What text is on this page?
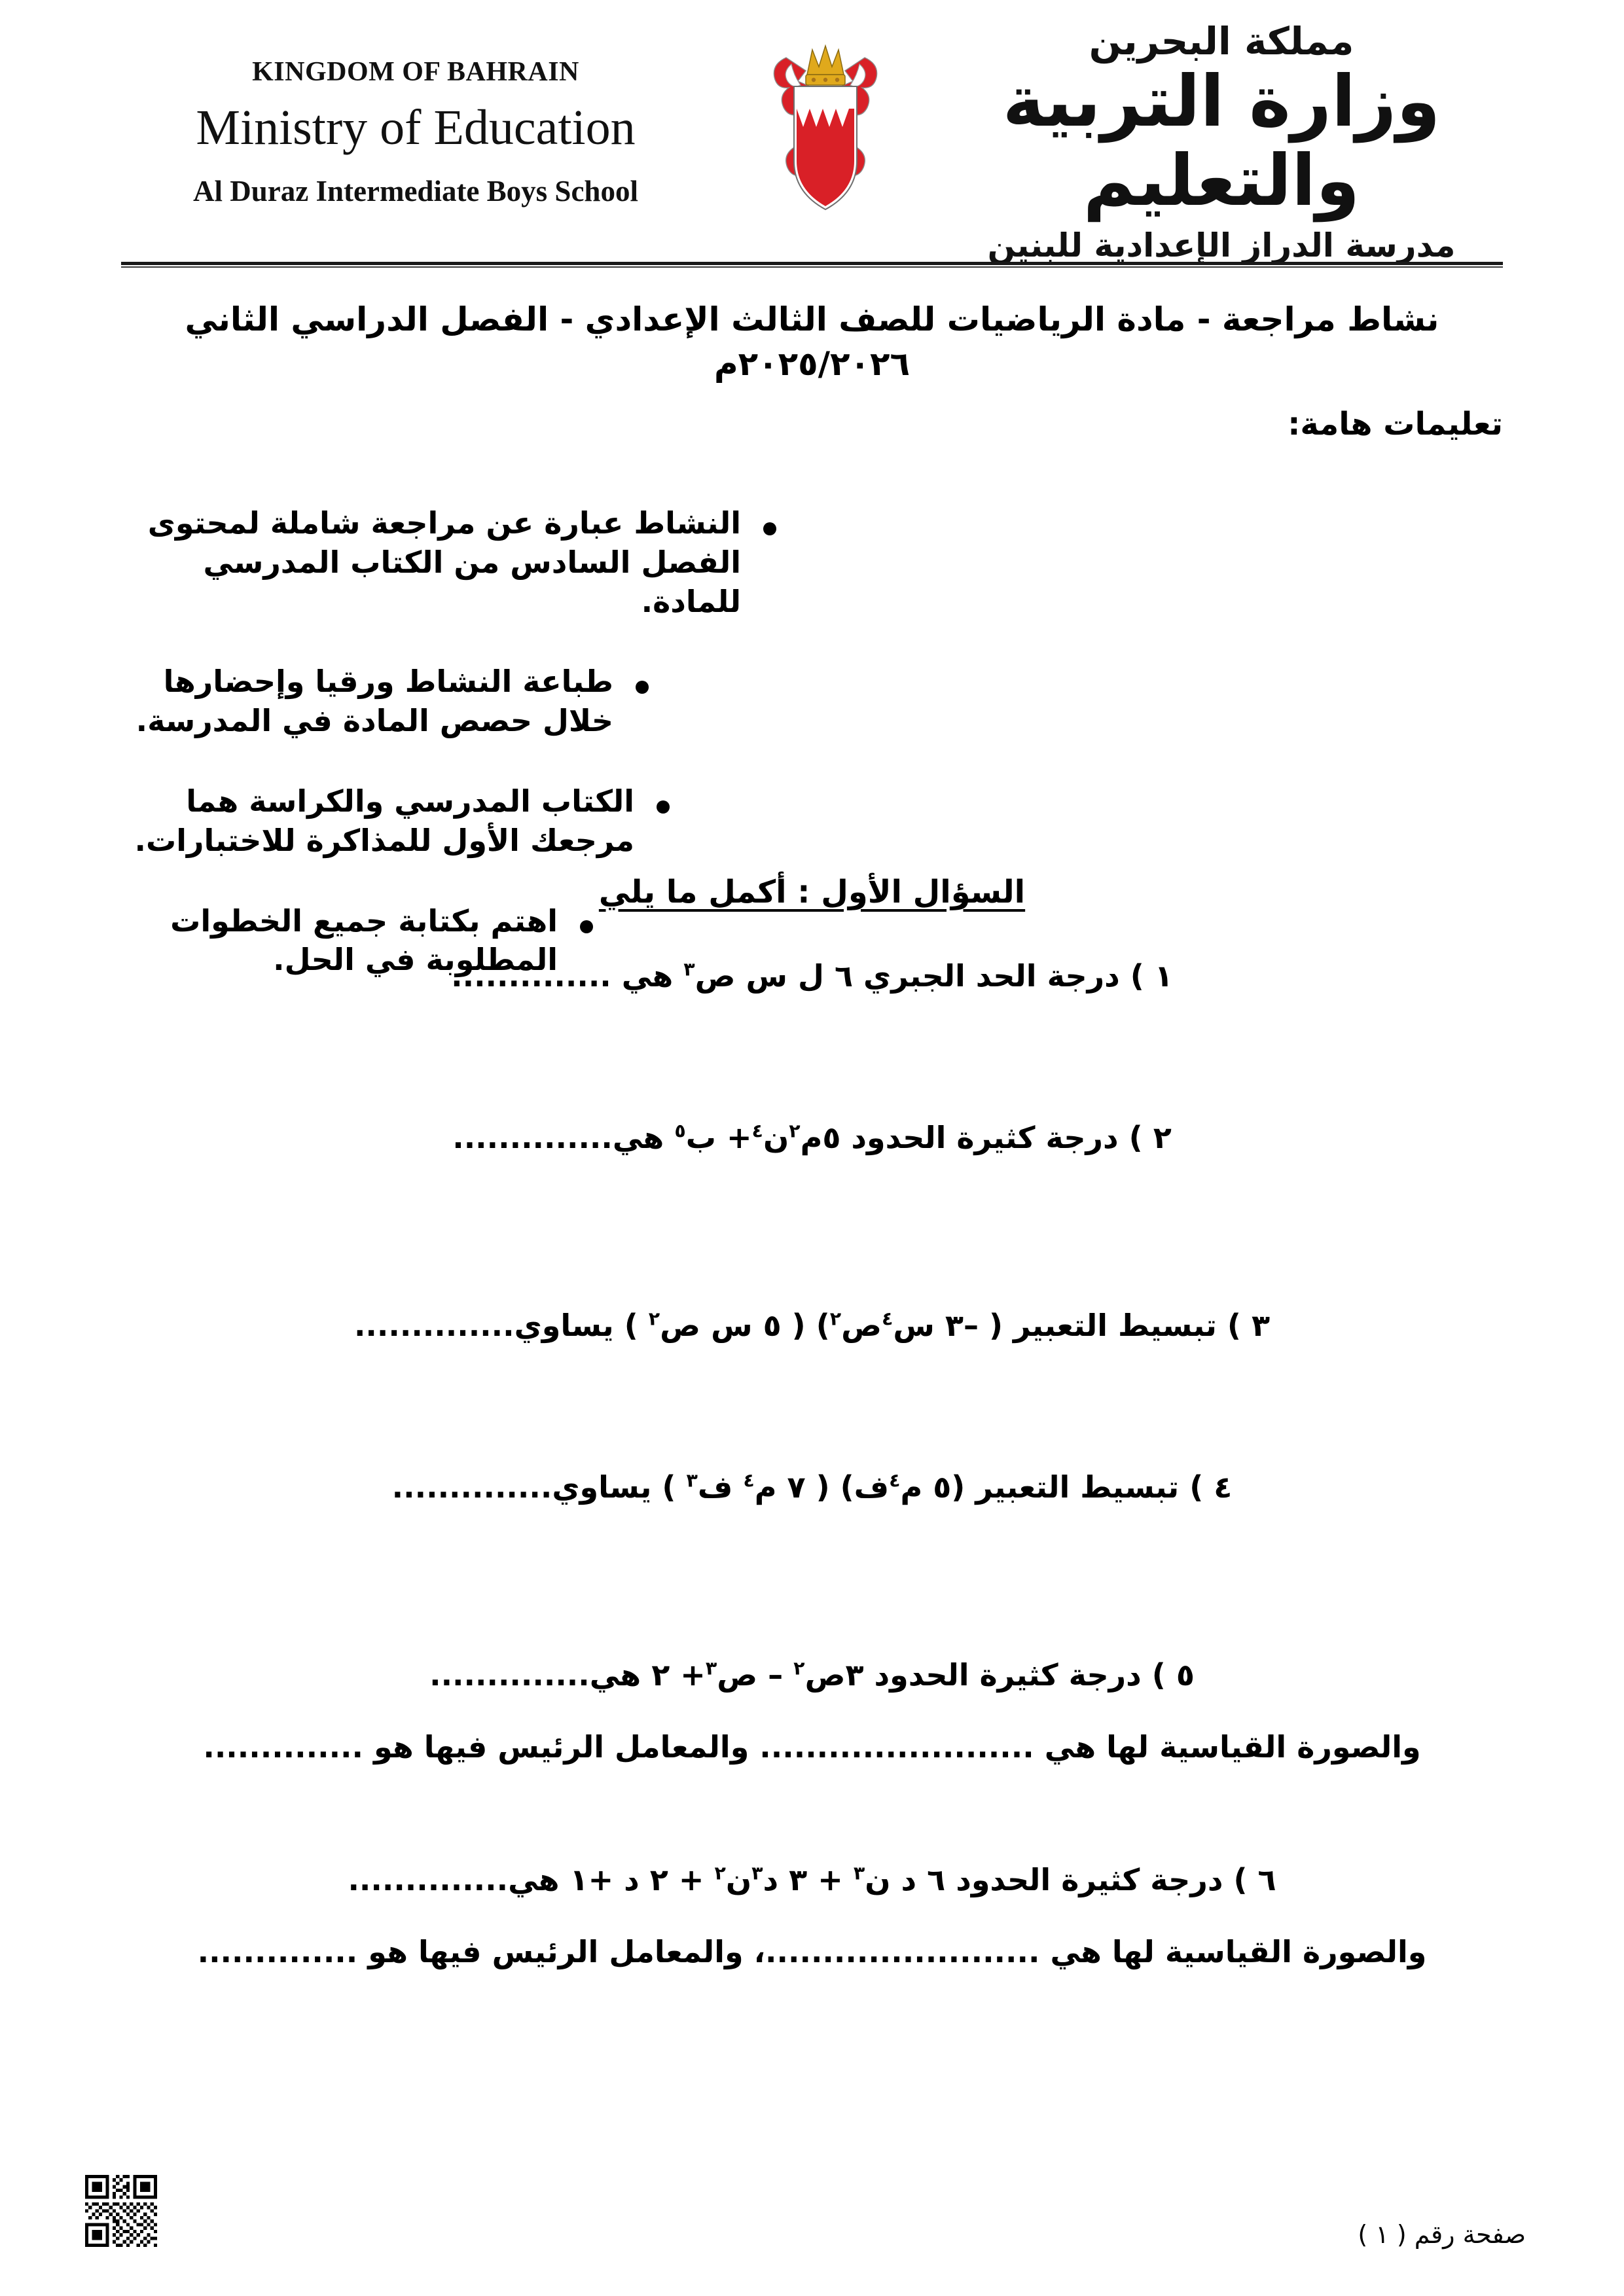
مملكة البحرين
وزارة التربية والتعليم
مدرسة الدراز الإعدادية للبنين
KINGDOM OF BAHRAIN
Ministry of Education
Al Duraz Intermediate Boys School
نشاط مراجعة - مادة الرياضيات للصف الثالث الإعدادي - الفصل الدراسي الثاني ٢٠٢٥/٢٠٢٦م
تعليمات هامة:
النشاط عبارة عن مراجعة شاملة لمحتوى الفصل السادس من الكتاب المدرسي للمادة.
طباعة النشاط ورقيا وإحضارها خلال حصص المادة في المدرسة.
الكتاب المدرسي والكراسة هما مرجعك الأول للمذاكرة للاختبارات.
اهتم بكتابة جميع الخطوات المطلوبة في الحل.
السؤال الأول : أكمل ما يلي
١ ) درجة الحد الجبري ٦ ل س ص$^٣$ هي ..............
٢ ) درجة كثيرة الحدود ٥م$^٢$ن$^٤$+ ب$^٥$ هي..............
٣ ) تبسيط التعبير ( –٣ س$^٤$ص$^٢$) ( ٥ س ص$^٢$ ) يساوي..............
٤ ) تبسيط التعبير (٥ م$^٤$ف) ( ٧ م$^٤$ ف$^٣$ ) يساوي..............
٥ ) درجة كثيرة الحدود ٣ص$^٢$ – ص$^٣$+ ٢ هي..............
والصورة القياسية لها هي ........................ والمعامل الرئيس فيها هو ..............
٦ ) درجة كثيرة الحدود ٦ د ن$^٣$ + ٣ د$^٣$ن$^٢$ + ٢ د +١ هي..............
والصورة القياسية لها هي ........................، والمعامل الرئيس فيها هو ..............
صفحة رقم ( ١ )
